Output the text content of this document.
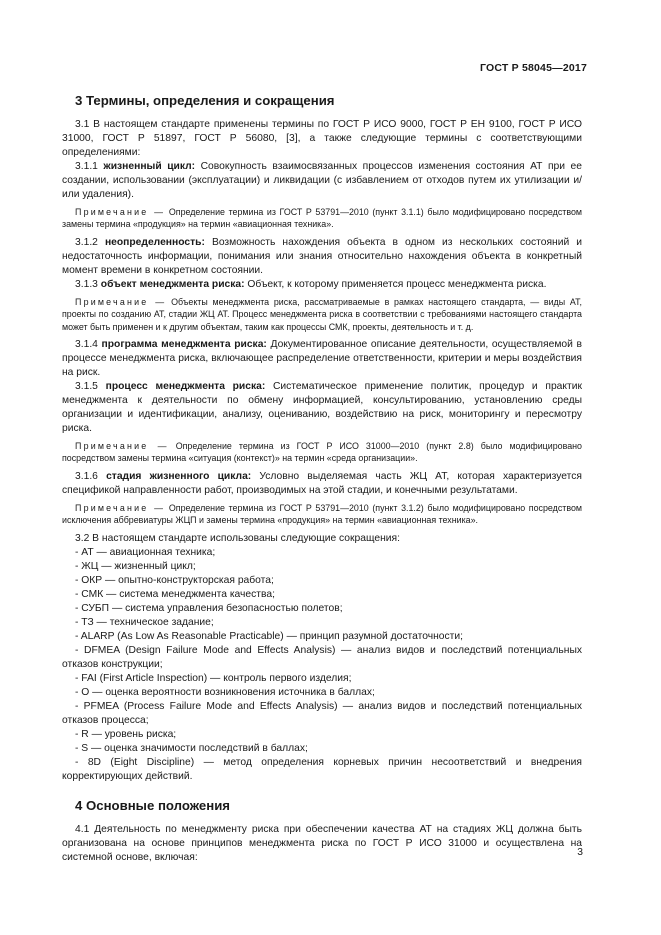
ГОСТ Р 58045—2017
3 Термины, определения и сокращения

3.1 В настоящем стандарте применены термины по ГОСТ Р ИСО 9000, ГОСТ Р ЕН 9100, ГОСТ Р ИСО 31000, ГОСТ Р 51897, ГОСТ Р 56080, [3], а также следующие термины с соответствующими определениями:

3.1.1 жизненный цикл: Совокупность взаимосвязанных процессов изменения состояния АТ при ее создании, использовании (эксплуатации) и ликвидации (с избавлением от отходов путем их утилизации и/или удаления).

Примечание — Определение термина из ГОСТ Р 53791—2010 (пункт 3.1.1) было модифицировано посредством замены термина «продукция» на термин «авиационная техника».

3.1.2 неопределенность: Возможность нахождения объекта в одном из нескольких состояний и недостаточность информации, понимания или знания относительно нахождения объекта в конкретный момент времени в конкретном состоянии.

3.1.3 объект менеджмента риска: Объект, к которому применяется процесс менеджмента риска.

Примечание — Объекты менеджмента риска, рассматриваемые в рамках настоящего стандарта, — виды АТ, проекты по созданию АТ, стадии ЖЦ АТ. Процесс менеджмента риска в соответствии с требованиями настоящего стандарта может быть применен и к другим объектам, таким как процессы СМК, проекты, деятельность и т. д.

3.1.4 программа менеджмента риска: Документированное описание деятельности, осуществляемой в процессе менеджмента риска, включающее распределение ответственности, критерии и меры воздействия на риск.

3.1.5 процесс менеджмента риска: Систематическое применение политик, процедур и практик менеджмента к деятельности по обмену информацией, консультированию, установлению среды организации и идентификации, анализу, оцениванию, воздействию на риск, мониторингу и пересмотру риска.

Примечание — Определение термина из ГОСТ Р ИСО 31000—2010 (пункт 2.8) было модифицировано посредством замены термина «ситуация (контекст)» на термин «среда организации».

3.1.6 стадия жизненного цикла: Условно выделяемая часть ЖЦ АТ, которая характеризуется спецификой направленности работ, производимых на этой стадии, и конечными результатами.

Примечание — Определение термина из ГОСТ Р 53791—2010 (пункт 3.1.2) было модифицировано посредством исключения аббревиатуры ЖЦП и замены термина «продукция» на термин «авиационная техника».

3.2 В настоящем стандарте использованы следующие сокращения:

- АТ — авиационная техника;

- ЖЦ — жизненный цикл;

- ОКР — опытно-конструкторская работа;

- СМК — система менеджмента качества;

- СУБП — система управления безопасностью полетов;

- ТЗ — техническое задание;

- ALARP (As Low As Reasonable Practicable) — принцип разумной достаточности;

- DFMEA (Design Failure Mode and Effects Analysis) — анализ видов и последствий потенциальных отказов конструкции;

- FAI (First Article Inspection) — контроль первого изделия;

- O — оценка вероятности возникновения источника в баллах;

- PFMEA (Process Failure Mode and Effects Analysis) — анализ видов и последствий потенциальных отказов процесса;

- R — уровень риска;

- S — оценка значимости последствий в баллах;

- 8D (Eight Discipline) — метод определения корневых причин несоответствий и внедрения корректирующих действий.

4 Основные положения

4.1 Деятельность по менеджменту риска при обеспечении качества АТ на стадиях ЖЦ должна быть организована на основе принципов менеджмента риска по ГОСТ Р ИСО 31000 и осуществлена на системной основе, включая:	3
